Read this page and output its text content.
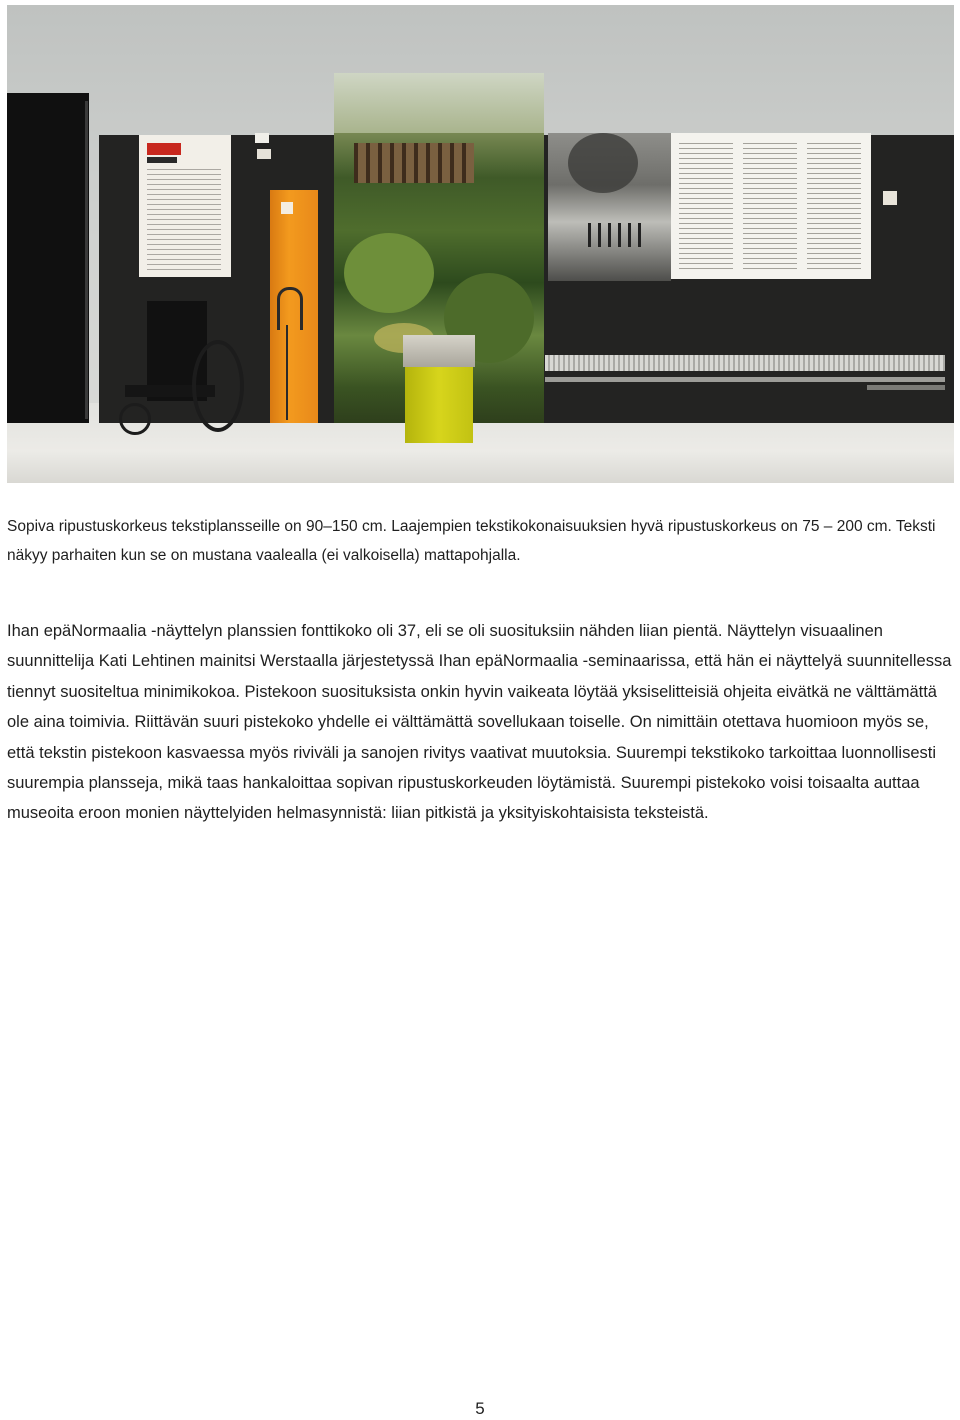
Sopiva ripustuskorkeus tekstiplansseille on 90–150 cm. Laajempien tekstikokonaisuuksien hyvä ripustuskorkeus on 75 – 200 cm. Teksti näkyy parhaiten kun se on mustana vaalealla (ei valkoisella) mattapohjalla.

Ihan epäNormaalia -näyttelyn planssien fonttikoko oli 37, eli se oli suosituksiin nähden liian pientä. Näyttelyn visuaalinen suunnittelija Kati Lehtinen mainitsi Werstaalla järjestetyssä Ihan epäNormaalia -seminaarissa, että hän ei näyttelyä suunnitellessa tiennyt suositeltua minimikokoa. Pistekoon suosituksista onkin hyvin vaikeata löytää yksiselitteisiä ohjeita eivätkä ne välttämättä ole aina toimivia. Riittävän suuri pistekoko yhdelle ei välttämättä sovellukaan toiselle. On nimittäin otettava huomioon myös se, että tekstin pistekoon kasvaessa myös riviväli ja sanojen rivitys vaativat muutoksia. Suurempi tekstikoko tarkoittaa luonnollisesti suurempia plansseja, mikä taas hankaloittaa sopivan ripustuskorkeuden löytämistä. Suurempi pistekoko voisi toisaalta auttaa museoita eroon monien näyttelyiden helmasynnistä: liian pitkistä ja yksityiskohtaisista teksteistä.

5
